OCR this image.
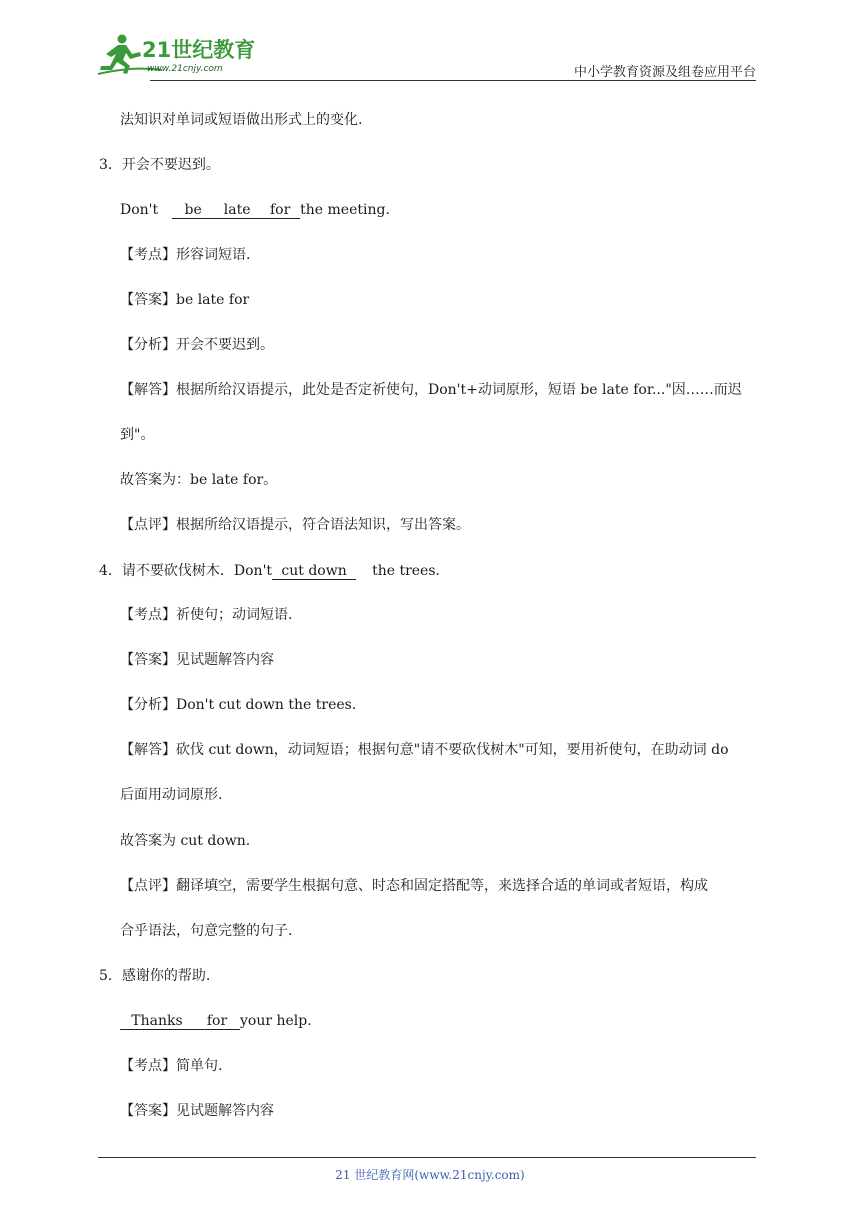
21世纪教育
www.21cnjy.com	中小学教育资源及组卷应用平台
法知识对单词或短语做出形式上的变化.
3．开会不要迟到。
Don't be late for the meeting.
【考点】形容词短语.
【答案】be late for
【分析】开会不要迟到。
【解答】根据所给汉语提示，此处是否定祈使句，Don't+动词原形，短语 be late for..."因……而迟
到"。
故答案为：be late for。
【点评】根据所给汉语提示，符合语法知识，写出答案。
4．请不要砍伐树木．Don't cut down the trees．
【考点】祈使句；动词短语.
【答案】见试题解答内容
【分析】Don't cut down the trees.
【解答】砍伐 cut down，动词短语；根据句意"请不要砍伐树木"可知，要用祈使句，在助动词 do
后面用动词原形.
故答案为 cut down.
【点评】翻译填空，需要学生根据句意、时态和固定搭配等，来选择合适的单词或者短语，构成
合乎语法，句意完整的句子.
5．感谢你的帮助.
Thanks for your help.
【考点】简单句.
【答案】见试题解答内容
21 世纪教育网(www.21cnjy.com)
